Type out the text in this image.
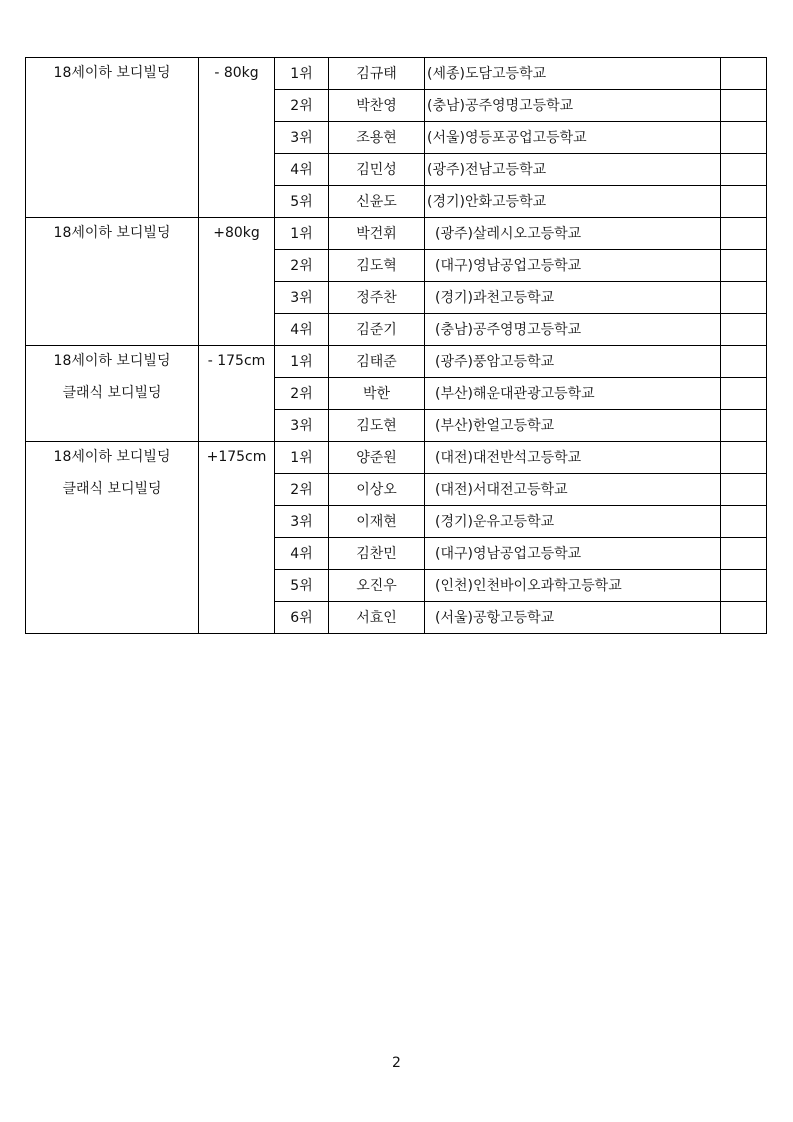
18세이하 보디빌딩	- 80kg	1위	김규태	(세종)도담고등학교	
		2위	박찬영	(충남)공주영명고등학교	
		3위	조용현	(서울)영등포공업고등학교	
		4위	김민성	(광주)전남고등학교	
		5위	신윤도	(경기)안화고등학교	

18세이하 보디빌딩	+80kg	1위	박건휘	(광주)살레시오고등학교	
		2위	김도혁	(대구)영남공업고등학교	
		3위	정주찬	(경기)과천고등학교	
		4위	김준기	(충남)공주영명고등학교	

18세이하 보디빌딩
클래식 보디빌딩	- 175cm	1위	김태준	(광주)풍암고등학교	
		2위	박한	(부산)해운대관광고등학교	
		3위	김도현	(부산)한얼고등학교	

18세이하 보디빌딩
클래식 보디빌딩	+175cm	1위	양준원	(대전)대전반석고등학교	
		2위	이상오	(대전)서대전고등학교	
		3위	이재현	(경기)운유고등학교	
		4위	김찬민	(대구)영남공업고등학교	
		5위	오진우	(인천)인천바이오과학고등학교	
		6위	서효인	(서울)공항고등학교	
2
